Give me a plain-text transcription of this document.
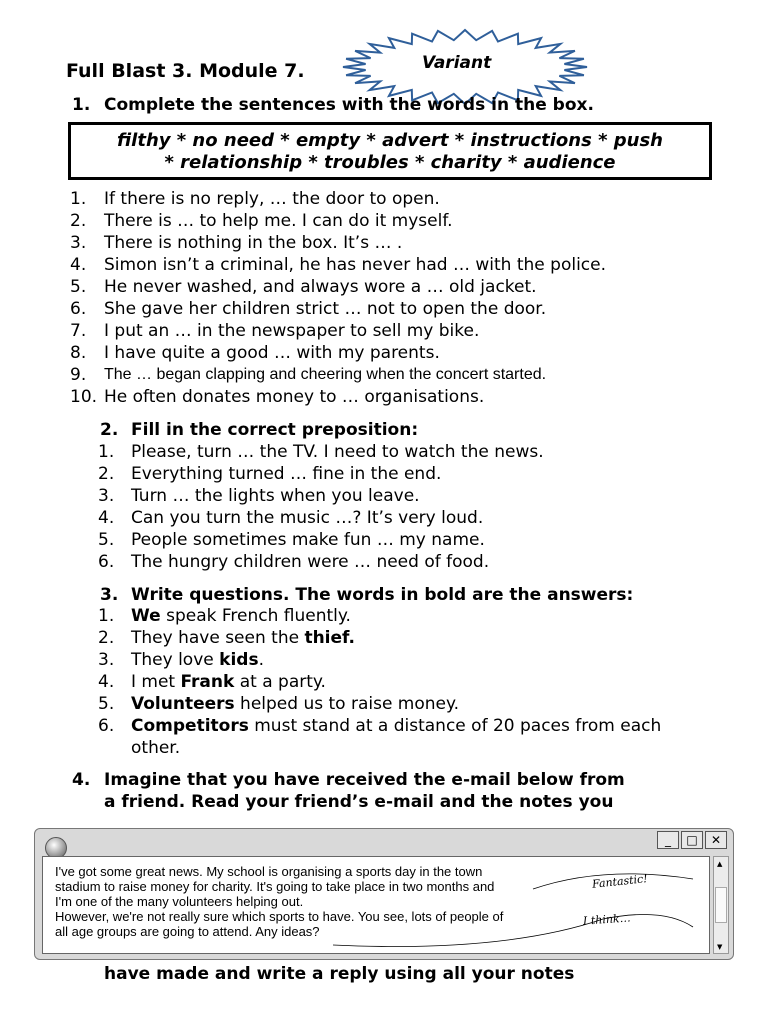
Full Blast 3. Module 7.	Variant
1. Complete the sentences with the words in the box.
filthy * no need * empty * advert * instructions * push
* relationship * troubles * charity * audience
1. If there is no reply, … the door to open.
2. There is … to help me. I can do it myself.
3. There is nothing in the box. It’s … .
4. Simon isn’t a criminal, he has never had … with the police.
5. He never washed, and always wore a … old jacket.
6. She gave her children strict … not to open the door.
7. I put an … in the newspaper to sell my bike.
8. I have quite a good … with my parents.
9. The … began clapping and cheering when the concert started.
10. He often donates money to … organisations.
2. Fill in the correct preposition:
1. Please, turn … the TV. I need to watch the news.
2. Everything turned … fine in the end.
3. Turn … the lights when you leave.
4. Can you turn the music …? It’s very loud.
5. People sometimes make fun … my name.
6. The hungry children were … need of food.
3. Write questions. The words in bold are the answers:
1. We speak French fluently.
2. They have seen the thief.
3. They love kids.
4. I met Frank at a party.
5. Volunteers helped us to raise money.
6. Competitors must stand at a distance of 20 paces from each
other.
4. Imagine that you have received the e-mail below from
a friend. Read your friend’s e-mail and the notes you
_	□	✕
I've got some great news. My school is organising a sports day in the town
stadium to raise money for charity. It's going to take place in two months and
I'm one of the many volunteers helping out.
However, we're not really sure which sports to have. You see, lots of people of
all age groups are going to attend. Any ideas?
Fantastic!
I think…
▲
▼
have made and write a reply using all your notes
